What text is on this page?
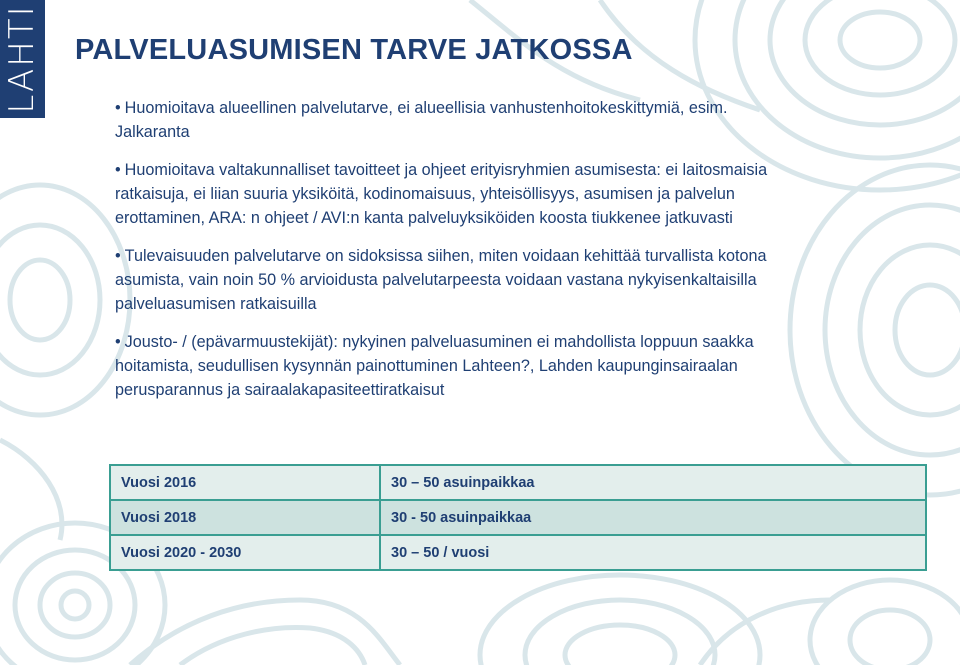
LAHTI PALVELUASUMISEN TARVE JATKOSSA
• Huomioitava alueellinen palvelutarve, ei alueellisia vanhustenhoitokeskittymiä, esim. Jalkaranta
• Huomioitava valtakunnalliset tavoitteet ja ohjeet erityisryhmien asumisesta: ei laitosmaisia ratkaisuja, ei liian suuria yksiköitä, kodinomaisuus, yhteisöllisyys, asumisen ja palvelun erottaminen, ARA: n ohjeet / AVI:n kanta palveluyksiköiden koosta tiukkenee jatkuvasti
• Tulevaisuuden palvelutarve on sidoksissa siihen, miten voidaan kehittää turvallista kotona asumista, vain noin 50 % arvioidusta palvelutarpeesta voidaan vastana nykyisenkaltaisilla palveluasumisen ratkaisuilla
• Jousto- / (epävarmuustekijät): nykyinen palveluasuminen ei mahdollista loppuun saakka hoitamista, seudullisen kysynnän painottuminen Lahteen?, Lahden kaupunginsairaalan perusparannus ja sairaalakapasiteettiratkaisut
Vuosi 2016	30 – 50 asuinpaikkaa
Vuosi 2018	30 - 50 asuinpaikkaa
Vuosi 2020 - 2030	30 – 50 / vuosi
